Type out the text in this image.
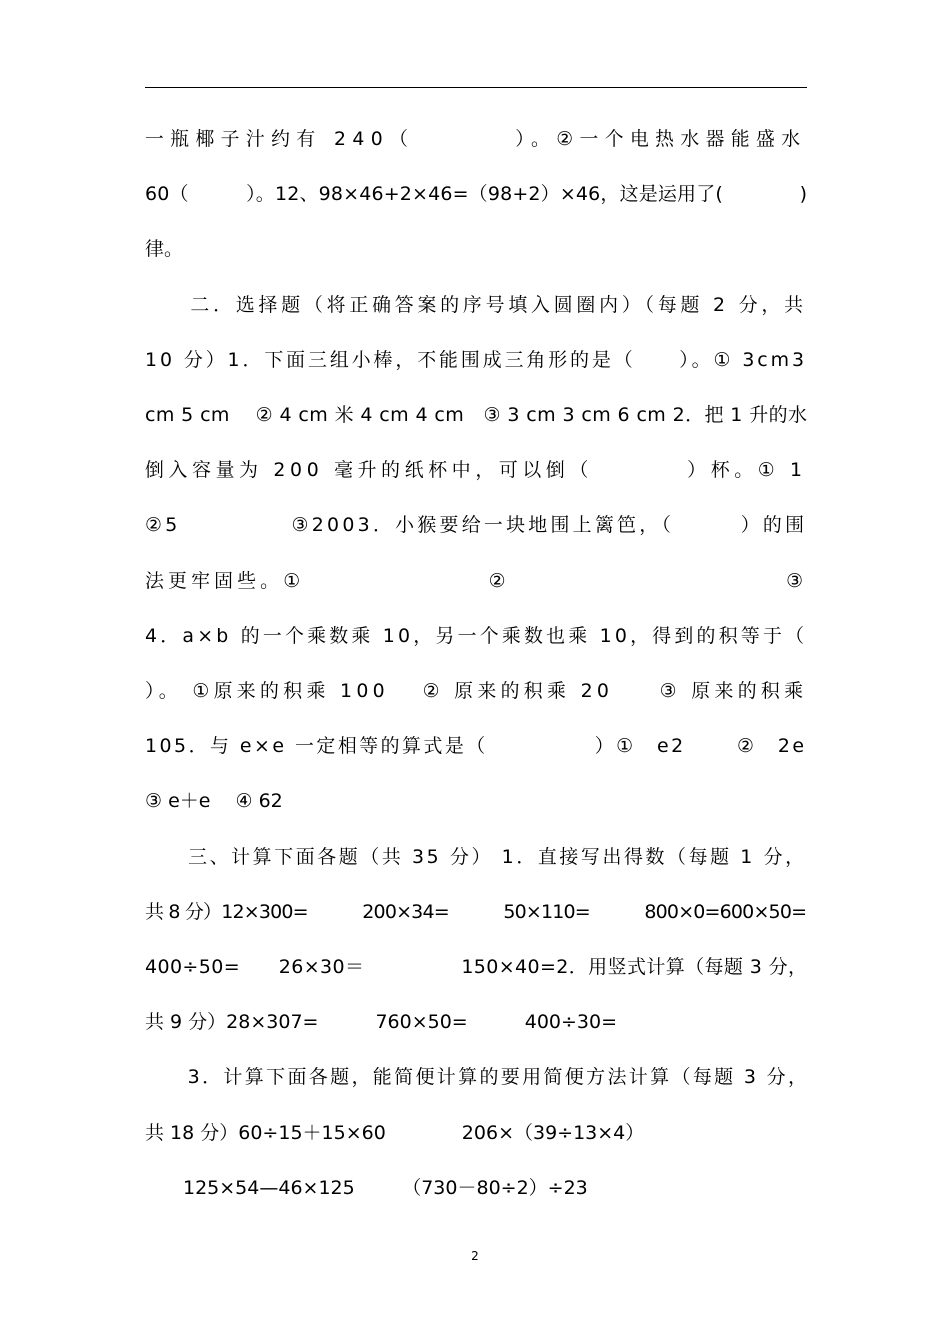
一瓶椰子汁约有 240（　　　　）。②一个电热水器能盛水
60（　　　）。12、98×46+2×46=（98+2）×46，这是运用了(　　　　)
律。
　　二．选择题（将正确答案的序号填入圆圈内）（每题 2 分，共
10 分）1．下面三组小棒，不能围成三角形的是（　　）。① 3cm3
cm 5 cm　 ② 4 cm 米 4 cm 4 cm　③ 3 cm 3 cm 6 cm 2．把 1 升的水
倒入容量为 200 毫升的纸杯中，可以倒（　　　　）杯。① 1
②5　　　　　③2003．小猴要给一块地围上篱笆，（　　　）的围
法更牢固些。①　　　　　　　　②　　　　　　　　　　　　③
4．a×b 的一个乘数乘 10，另一个乘数也乘 10，得到的积等于（
）。 ①原来的积乘 100　 ② 原来的积乘 20　　③ 原来的积乘
105．与 e×e 一定相等的算式是（　　　　　）①　e2　　 ②　2e
③ e＋e　 ④ 62
　　三、计算下面各题（共 35 分） 1．直接写出得数（每题 1 分，
共 8 分）12×300=　　　200×34=　　　50×110=　　　800×0=600×50=
400÷50=　　26×30＝　　　　　150×40=2．用竖式计算（每题 3 分，
共 9 分）28×307=　　　760×50=　　　400÷30=
　　3．计算下面各题，能简便计算的要用简便方法计算（每题 3 分，
共 18 分）60÷15＋15×60　　　　206×（39÷13×4）
　　125×54—46×125　　　（730－80÷2）÷23
2
